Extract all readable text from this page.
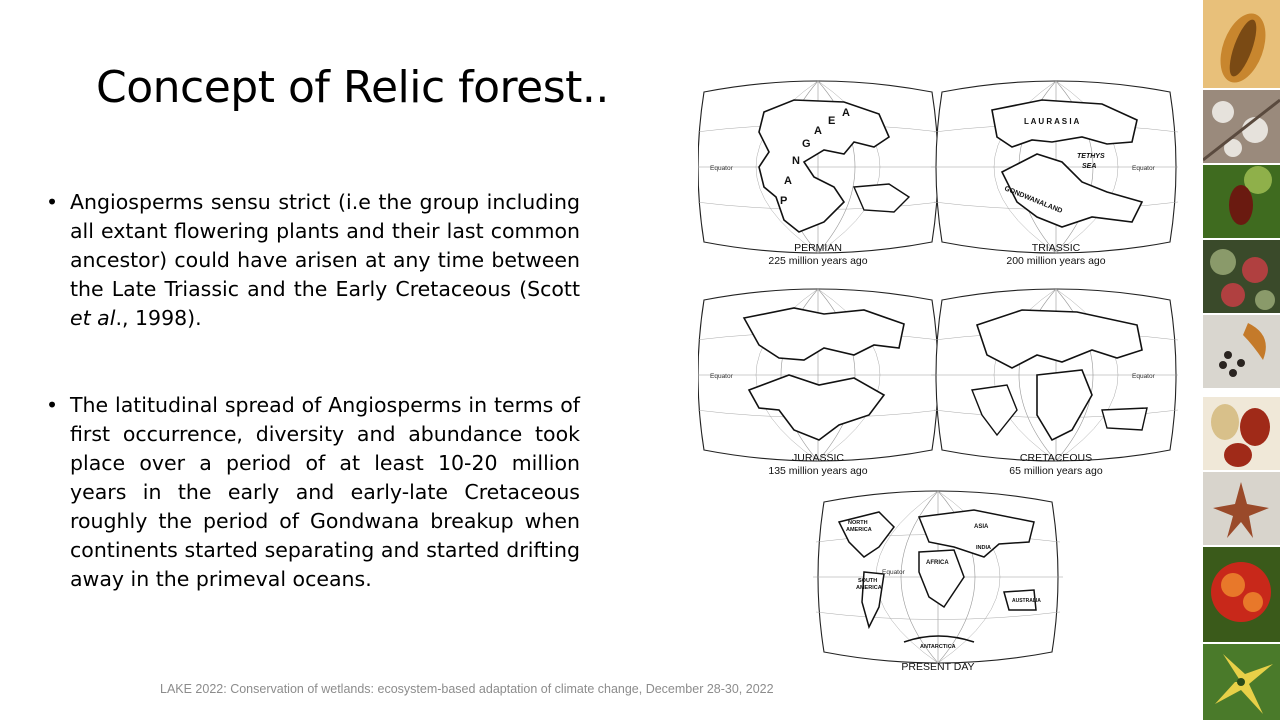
Concept of Relic forest..
• Angiosperms sensu strict (i.e the group including all extant flowering plants and their last common ancestor) could have arisen at any time between the Late Triassic and the Early Cretaceous (Scott et al., 1998).
• The latitudinal spread of Angiosperms in terms of first occurrence, diversity and abundance took place over a period of at least 10-20 million years in the early and early-late Cretaceous roughly the period of Gondwana breakup when continents started separating and started drifting away in the primeval oceans.
Equator
P
A
N
G
A
E
A
PERMIAN
225 million years ago
Equator
L A U R A S I A
TETHYS
SEA
GONDWANALAND
TRIASSIC
200 million years ago
Equator
JURASSIC
135 million years ago
Equator
CRETACEOUS
65 million years ago
NORTH
AMERICA	ASIA
INDIA
AFRICA
SOUTH
AMERICA
AUSTRALIA
ANTARCTICA
Equator
PRESENT DAY
LAKE 2022: Conservation of wetlands: ecosystem-based adaptation of climate change, December 28-30, 2022
